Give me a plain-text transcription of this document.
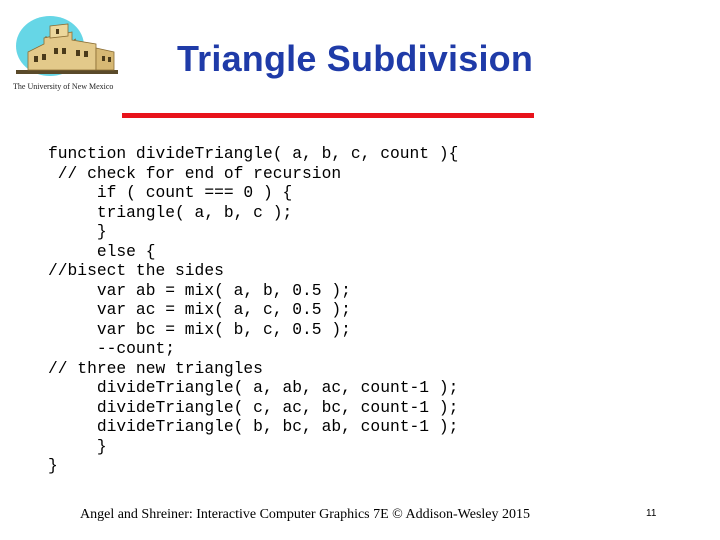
The University of New Mexico
Triangle Subdivision
function divideTriangle( a, b, c, count ){
// check for end of recursion
if ( count === 0 ) {
triangle( a, b, c );
}
else {
//bisect the sides
var ab = mix( a, b, 0.5 );
var ac = mix( a, c, 0.5 );
var bc = mix( b, c, 0.5 );
--count;
// three new triangles
divideTriangle( a, ab, ac, count-1 );
divideTriangle( c, ac, bc, count-1 );
divideTriangle( b, bc, ab, count-1 );
}
}
Angel and Shreiner: Interactive Computer Graphics 7E © Addison-Wesley 2015	11
